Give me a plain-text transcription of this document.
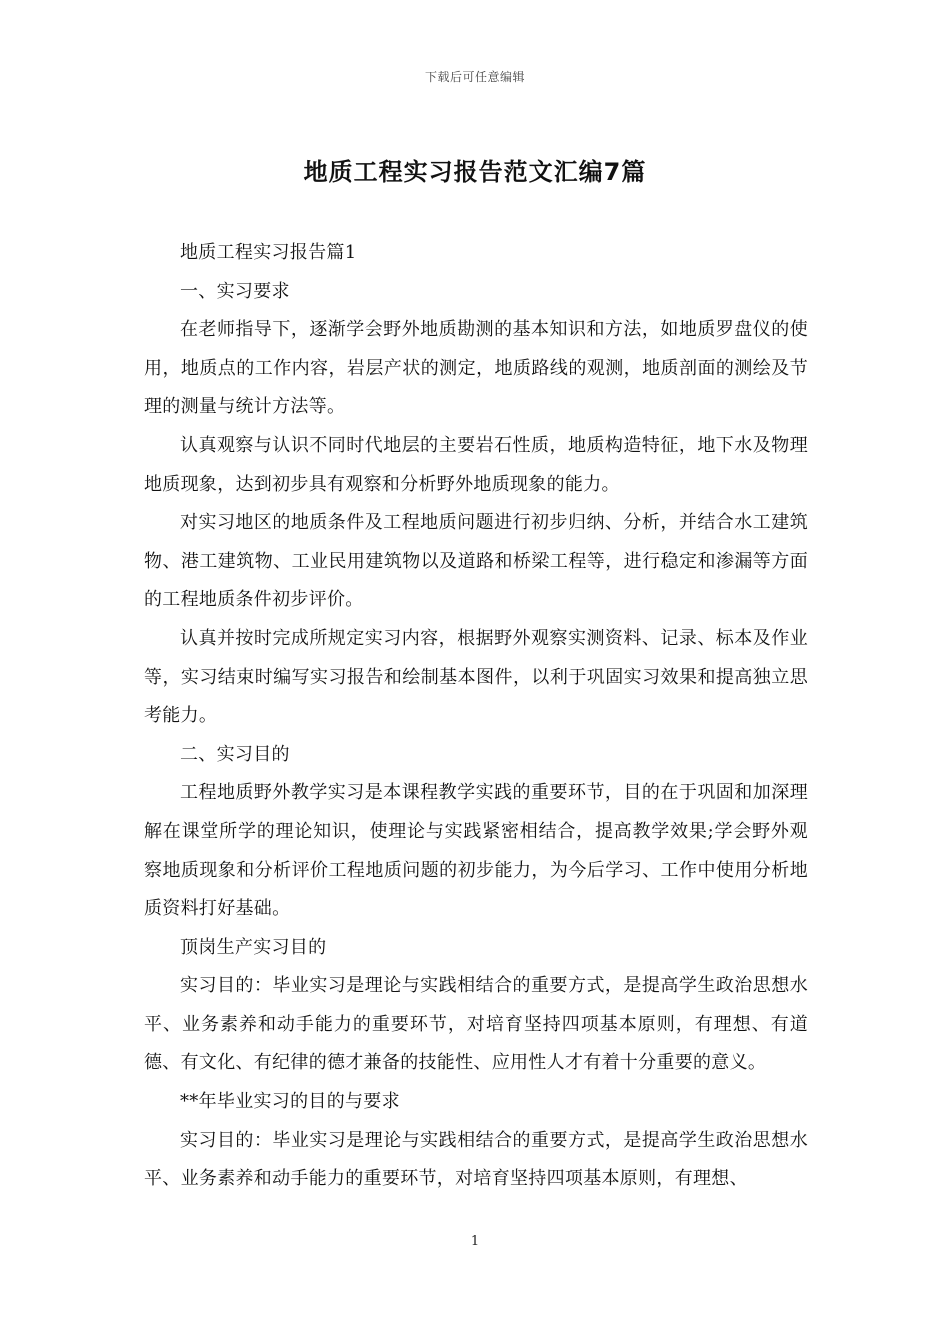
下载后可任意编辑
地质工程实习报告范文汇编7篇

地质工程实习报告篇1

一、实习要求

在老师指导下，逐渐学会野外地质勘测的基本知识和方法，如地质罗盘仪的使用，地质点的工作内容，岩层产状的测定，地质路线的观测，地质剖面的测绘及节理的测量与统计方法等。

认真观察与认识不同时代地层的主要岩石性质，地质构造特征，地下水及物理地质现象，达到初步具有观察和分析野外地质现象的能力。

对实习地区的地质条件及工程地质问题进行初步归纳、分析，并结合水工建筑物、港工建筑物、工业民用建筑物以及道路和桥梁工程等，进行稳定和渗漏等方面的工程地质条件初步评价。

认真并按时完成所规定实习内容，根据野外观察实测资料、记录、标本及作业等，实习结束时编写实习报告和绘制基本图件，以利于巩固实习效果和提高独立思考能力。

二、实习目的

工程地质野外教学实习是本课程教学实践的重要环节，目的在于巩固和加深理解在课堂所学的理论知识，使理论与实践紧密相结合，提高教学效果;学会野外观察地质现象和分析评价工程地质问题的初步能力，为今后学习、工作中使用分析地质资料打好基础。

顶岗生产实习目的

实习目的：毕业实习是理论与实践相结合的重要方式，是提高学生政治思想水平、业务素养和动手能力的重要环节，对培育坚持四项基本原则，有理想、有道德、有文化、有纪律的德才兼备的技能性、应用性人才有着十分重要的意义。

**年毕业实习的目的与要求

实习目的：毕业实习是理论与实践相结合的重要方式，是提高学生政治思想水平、业务素养和动手能力的重要环节，对培育坚持四项基本原则，有理想、

1
